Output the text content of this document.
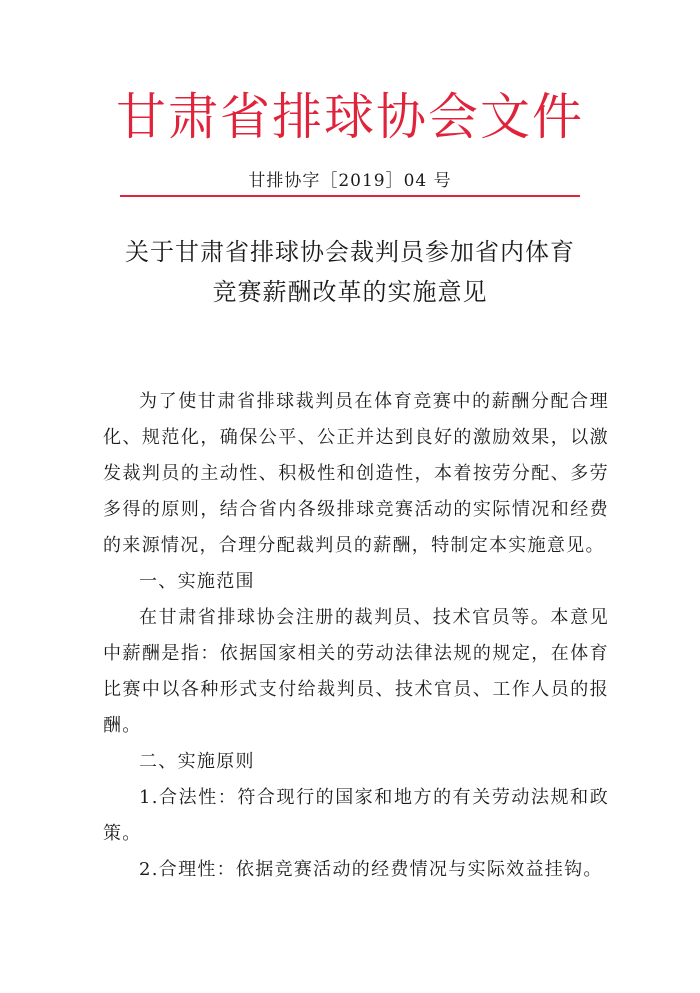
甘肃省排球协会文件
甘排协字［2019］04 号
关于甘肃省排球协会裁判员参加省内体育
竞赛薪酬改革的实施意见

为了使甘肃省排球裁判员在体育竞赛中的薪酬分配合理化、规范化，确保公平、公正并达到良好的激励效果，以激发裁判员的主动性、积极性和创造性，本着按劳分配、多劳多得的原则，结合省内各级排球竞赛活动的实际情况和经费的来源情况，合理分配裁判员的薪酬，特制定本实施意见。

一、实施范围

在甘肃省排球协会注册的裁判员、技术官员等。本意见中薪酬是指：依据国家相关的劳动法律法规的规定，在体育比赛中以各种形式支付给裁判员、技术官员、工作人员的报酬。

二、实施原则

1.合法性：符合现行的国家和地方的有关劳动法规和政策。

2.合理性：依据竞赛活动的经费情况与实际效益挂钩。
